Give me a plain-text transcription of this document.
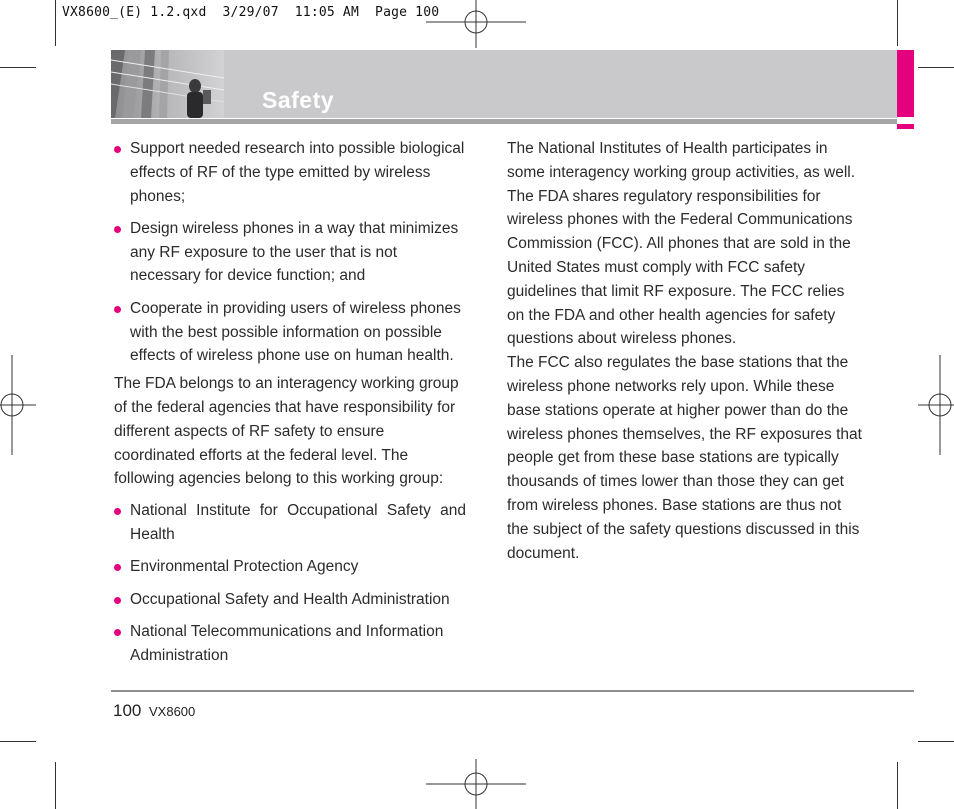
VX8600_(E) 1.2.qxd  3/29/07  11:05 AM  Page 100
Safety
Support needed research into possible biological effects of RF of the type emitted by wireless phones;
Design wireless phones in a way that minimizes any RF exposure to the user that is not necessary for device function; and
Cooperate in providing users of wireless phones with the best possible information on possible effects of wireless phone use on human health.

The FDA belongs to an interagency working group of the federal agencies that have responsibility for different aspects of RF safety to ensure coordinated efforts at the federal level. The following agencies belong to this working group:

National Institute for Occupational Safety and Health
Environmental Protection Agency
Occupational Safety and Health Administration
National Telecommunications and Information Administration

The National Institutes of Health participates in some interagency working group activities, as well. The FDA shares regulatory responsibilities for wireless phones with the Federal Communications Commission (FCC). All phones that are sold in the United States must comply with FCC safety guidelines that limit RF exposure. The FCC relies on the FDA and other health agencies for safety questions about wireless phones.

The FCC also regulates the base stations that the wireless phone networks rely upon. While these base stations operate at higher power than do the wireless phones themselves, the RF exposures that people get from these base stations are typically thousands of times lower than those they can get from wireless phones. Base stations are thus not the subject of the safety questions discussed in this document.

100 VX8600
